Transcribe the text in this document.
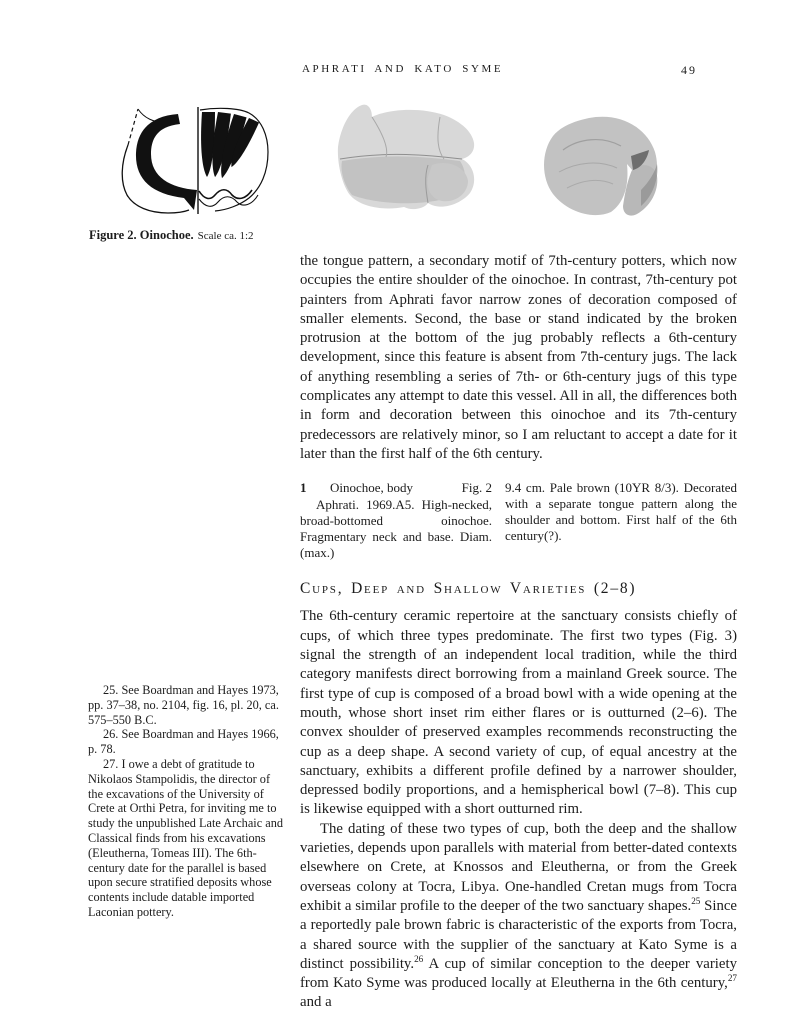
APHRATI AND KATO SYME	49
Figure 2. Oinochoe. Scale ca. 1:2

the tongue pattern, a secondary motif of 7th-century potters, which now occupies the entire shoulder of the oinochoe. In contrast, 7th-century pot painters from Aphrati favor narrow zones of decoration composed of smaller elements. Second, the base or stand indicated by the broken protrusion at the bottom of the jug probably reflects a 6th-century development, since this feature is absent from 7th-century jugs. The lack of anything resembling a series of 7th- or 6th-century jugs of this type complicates any attempt to date this vessel. All in all, the differences both in form and decoration between this oinochoe and its 7th-century predecessors are relatively minor, so I am reluctant to accept a date for it later than the first half of the 6th century.

1	Oinochoe, body	Fig. 2

Aphrati. 1969.A5. High-necked, broad-bottomed oinochoe. Fragmentary neck and base. Diam. (max.)

9.4 cm. Pale brown (10YR 8/3). Decorated with a separate tongue pattern along the shoulder and bottom. First half of the 6th century(?).

Cups, Deep and Shallow Varieties (2–8)

The 6th-century ceramic repertoire at the sanctuary consists chiefly of cups, of which three types predominate. The first two types (Fig. 3) signal the strength of an independent local tradition, while the third category manifests direct borrowing from a mainland Greek source. The first type of cup is composed of a broad bowl with a wide opening at the mouth, whose short inset rim either flares or is outturned (2–6). The convex shoulder of preserved examples recommends reconstructing the cup as a deep shape. A second variety of cup, of equal ancestry at the sanctuary, exhibits a different profile defined by a narrower shoulder, depressed bodily proportions, and a hemispherical bowl (7–8). This cup is likewise equipped with a short outturned rim.

The dating of these two types of cup, both the deep and the shallow varieties, depends upon parallels with material from better-dated contexts elsewhere on Crete, at Knossos and Eleutherna, or from the Greek overseas colony at Tocra, Libya. One-handled Cretan mugs from Tocra exhibit a similar profile to the deeper of the two sanctuary shapes.$^{25}$ Since a reportedly pale brown fabric is characteristic of the exports from Tocra, a shared source with the supplier of the sanctuary at Kato Syme is a distinct possibility.$^{26}$ A cup of similar conception to the deeper variety from Kato Syme was produced locally at Eleutherna in the 6th century,$^{27}$ and a

25. See Boardman and Hayes 1973, pp. 37–38, no. 2104, fig. 16, pl. 20, ca. 575–550 B.C.

26. See Boardman and Hayes 1966, p. 78.

27. I owe a debt of gratitude to Nikolaos Stampolidis, the director of the excavations of the University of Crete at Orthi Petra, for inviting me to study the unpublished Late Archaic and Classical finds from his excavations (Eleutherna, Tomeas III). The 6th-century date for the parallel is based upon secure stratified deposits whose contents include datable imported Laconian pottery.
